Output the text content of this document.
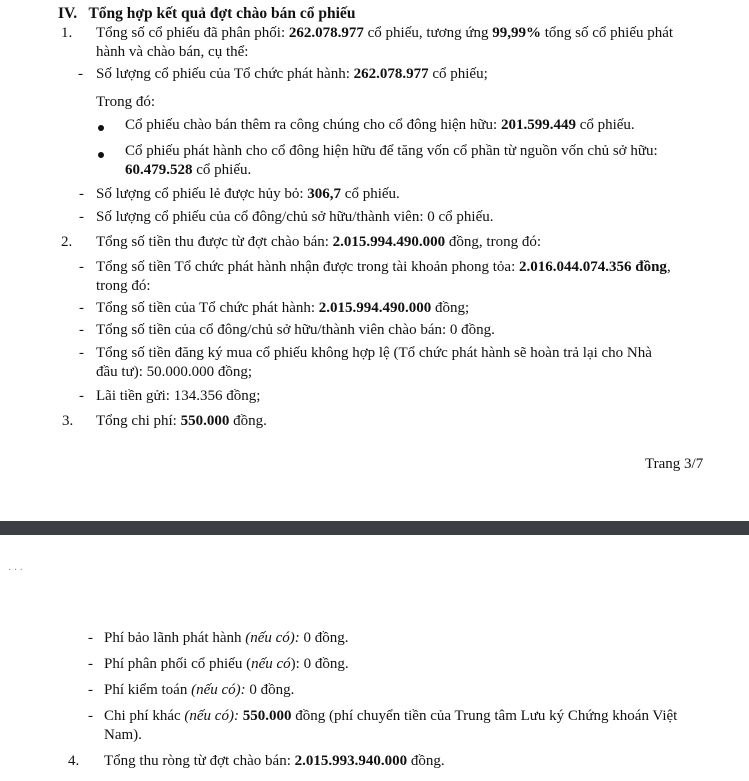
IV. Tổng hợp kết quả đợt chào bán cổ phiếu
1. Tổng số cổ phiếu đã phân phối: 262.078.977 cổ phiếu, tương ứng 99,99% tổng số cổ phiếu phát
hành và chào bán, cụ thể:
- Số lượng cổ phiếu của Tổ chức phát hành: 262.078.977 cổ phiếu;
Trong đó:
Cổ phiếu chào bán thêm ra công chúng cho cổ đông hiện hữu: 201.599.449 cổ phiếu.
Cổ phiếu phát hành cho cổ đông hiện hữu để tăng vốn cổ phần từ nguồn vốn chủ sở hữu:
60.479.528 cổ phiếu.
- Số lượng cổ phiếu lẻ được hủy bỏ: 306,7 cổ phiếu.
- Số lượng cổ phiếu của cổ đông/chủ sở hữu/thành viên: 0 cổ phiếu.
2. Tổng số tiền thu được từ đợt chào bán: 2.015.994.490.000 đồng, trong đó:
- Tổng số tiền Tổ chức phát hành nhận được trong tài khoản phong tỏa: 2.016.044.074.356 đồng,
trong đó:
- Tổng số tiền của Tổ chức phát hành: 2.015.994.490.000 đồng;
- Tổng số tiền của cổ đông/chủ sở hữu/thành viên chào bán: 0 đồng.
- Tổng số tiền đăng ký mua cổ phiếu không hợp lệ (Tổ chức phát hành sẽ hoàn trả lại cho Nhà
đầu tư): 50.000.000 đồng;
- Lãi tiền gửi: 134.356 đồng;
3. Tổng chi phí: 550.000 đồng.
Trang 3/7
· · ·
- Phí bảo lãnh phát hành (nếu có): 0 đồng.
- Phí phân phối cổ phiếu (nếu có): 0 đồng.
- Phí kiểm toán (nếu có): 0 đồng.
- Chi phí khác (nếu có): 550.000 đồng (phí chuyển tiền của Trung tâm Lưu ký Chứng khoán Việt
Nam).
4. Tổng thu ròng từ đợt chào bán: 2.015.993.940.000 đồng.
